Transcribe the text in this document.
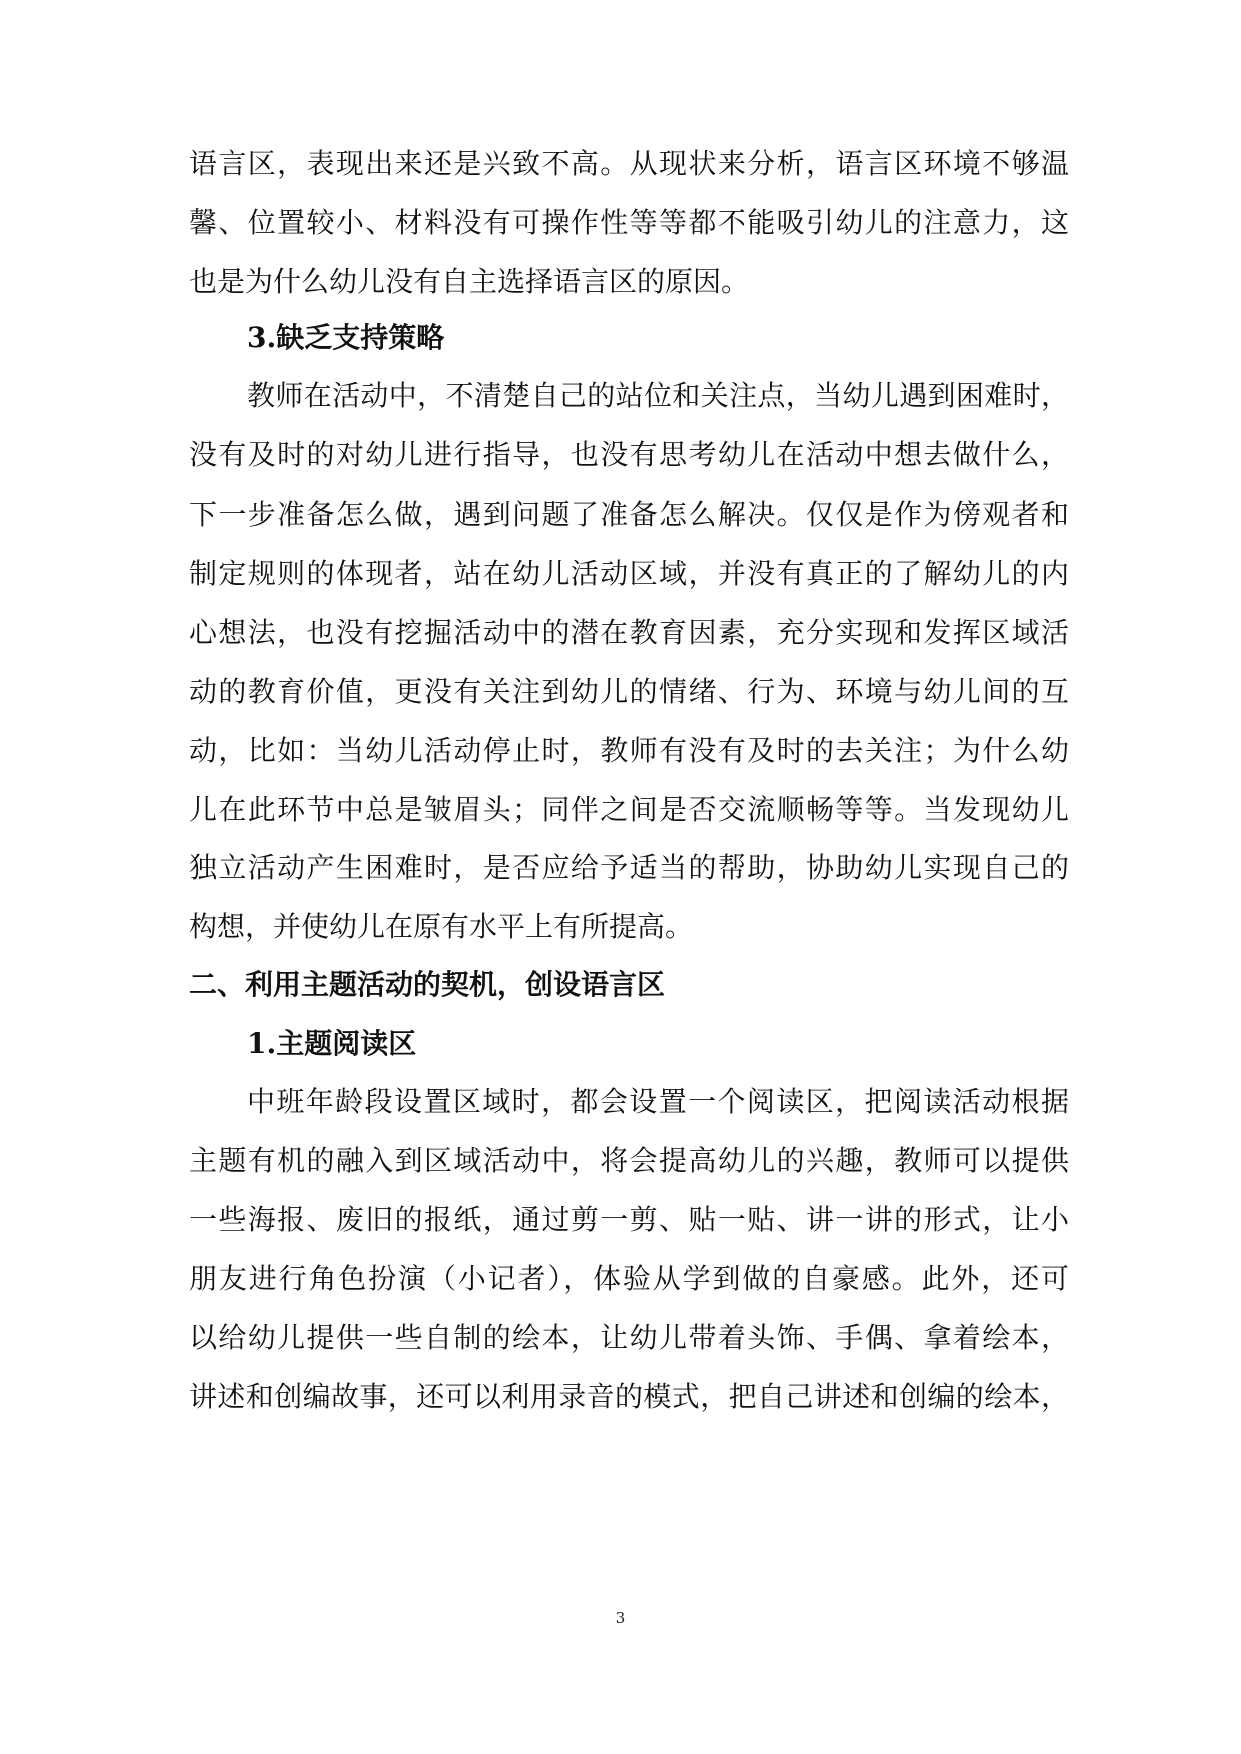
语言区，表现出来还是兴致不高。从现状来分析，语言区环境不够温
馨、位置较小、材料没有可操作性等等都不能吸引幼儿的注意力，这
也是为什么幼儿没有自主选择语言区的原因。
3.缺乏支持策略
教师在活动中，不清楚自己的站位和关注点，当幼儿遇到困难时，
没有及时的对幼儿进行指导，也没有思考幼儿在活动中想去做什么，
下一步准备怎么做，遇到问题了准备怎么解决。仅仅是作为傍观者和
制定规则的体现者，站在幼儿活动区域，并没有真正的了解幼儿的内
心想法，也没有挖掘活动中的潜在教育因素，充分实现和发挥区域活
动的教育价值，更没有关注到幼儿的情绪、行为、环境与幼儿间的互
动，比如：当幼儿活动停止时，教师有没有及时的去关注；为什么幼
儿在此环节中总是皱眉头；同伴之间是否交流顺畅等等。当发现幼儿
独立活动产生困难时，是否应给予适当的帮助，协助幼儿实现自己的
构想，并使幼儿在原有水平上有所提高。
二、利用主题活动的契机，创设语言区
1.主题阅读区
中班年龄段设置区域时，都会设置一个阅读区，把阅读活动根据
主题有机的融入到区域活动中，将会提高幼儿的兴趣，教师可以提供
一些海报、废旧的报纸，通过剪一剪、贴一贴、讲一讲的形式，让小
朋友进行角色扮演（小记者），体验从学到做的自豪感。此外，还可
以给幼儿提供一些自制的绘本，让幼儿带着头饰、手偶、拿着绘本，
讲述和创编故事，还可以利用录音的模式，把自己讲述和创编的绘本，
3
